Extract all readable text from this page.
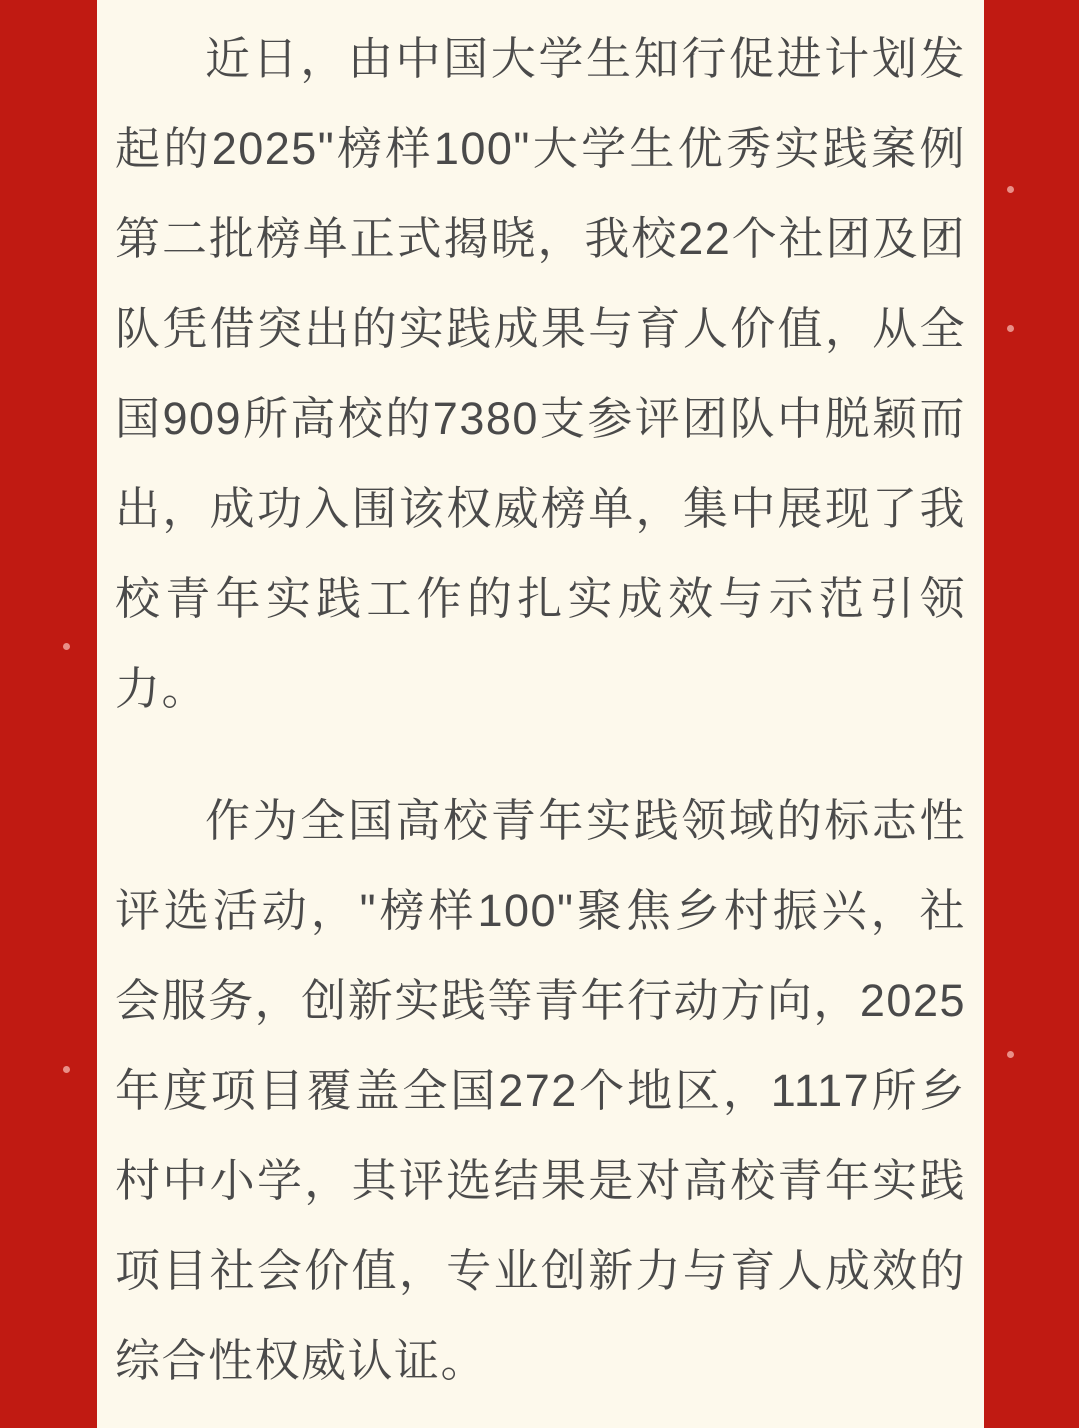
近日，由中国大学生知行促进计划发起的2025"榜样100"大学生优秀实践案例第二批榜单正式揭晓，我校22个社团及团队凭借突出的实践成果与育人价值，从全国909所高校的7380支参评团队中脱颖而出，成功入围该权威榜单，集中展现了我校青年实践工作的扎实成效与示范引领力。

作为全国高校青年实践领域的标志性评选活动，"榜样100"聚焦乡村振兴，社会服务，创新实践等青年行动方向，2025年度项目覆盖全国272个地区，1117所乡村中小学，其评选结果是对高校青年实践项目社会价值，专业创新力与育人成效的综合性权威认证。
